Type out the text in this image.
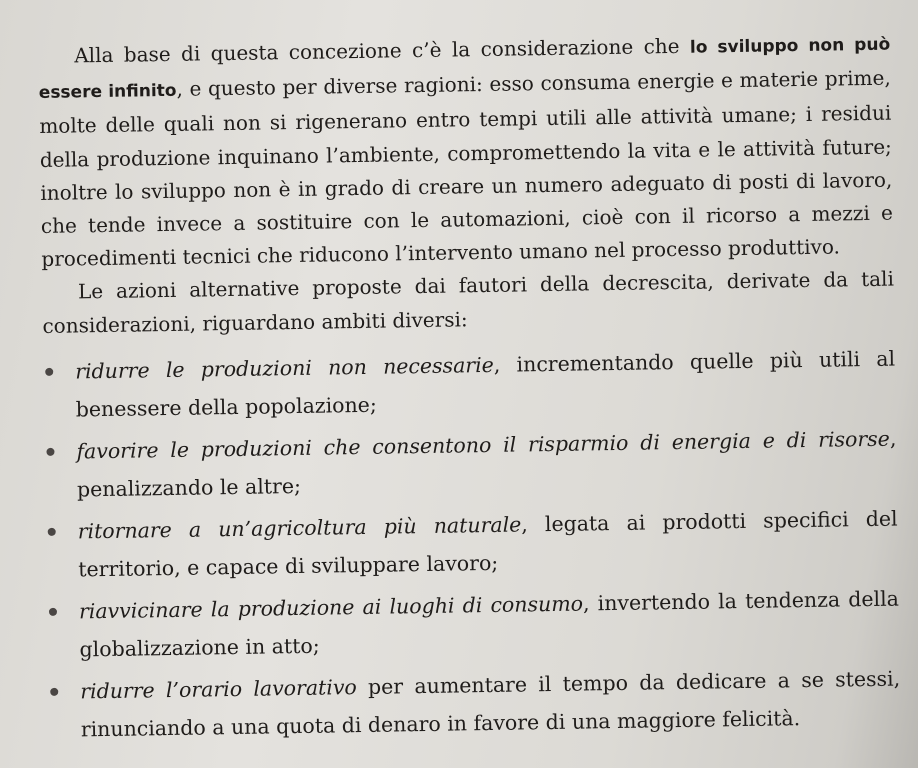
Alla base di questa concezione c’è la considerazione che lo sviluppo non può essere infinito, e questo per diverse ragioni: esso consuma energie e materie prime, molte delle quali non si rigenerano entro tempi utili alle attività umane; i residui della produzione inquinano l’ambiente, compromettendo la vita e le attività future; inoltre lo sviluppo non è in grado di creare un numero adeguato di posti di lavoro, che tende invece a sostituire con le automazioni, cioè con il ricorso a mezzi e procedimenti tecnici che riducono l’intervento umano nel processo produttivo.

Le azioni alternative proposte dai fautori della decrescita, derivate da tali considerazioni, riguardano ambiti diversi:

ridurre le produzioni non necessarie, incrementando quelle più utili al benessere della popolazione;
favorire le produzioni che consentono il risparmio di energia e di risorse, penalizzando le altre;
ritornare a un’agricoltura più naturale, legata ai prodotti specifici del territorio, e capace di sviluppare lavoro;
riavvicinare la produzione ai luoghi di consumo, invertendo la tendenza della globalizzazione in atto;
ridurre l’orario lavorativo per aumentare il tempo da dedicare a se stessi, rinunciando a una quota di denaro in favore di una maggiore felicità.
